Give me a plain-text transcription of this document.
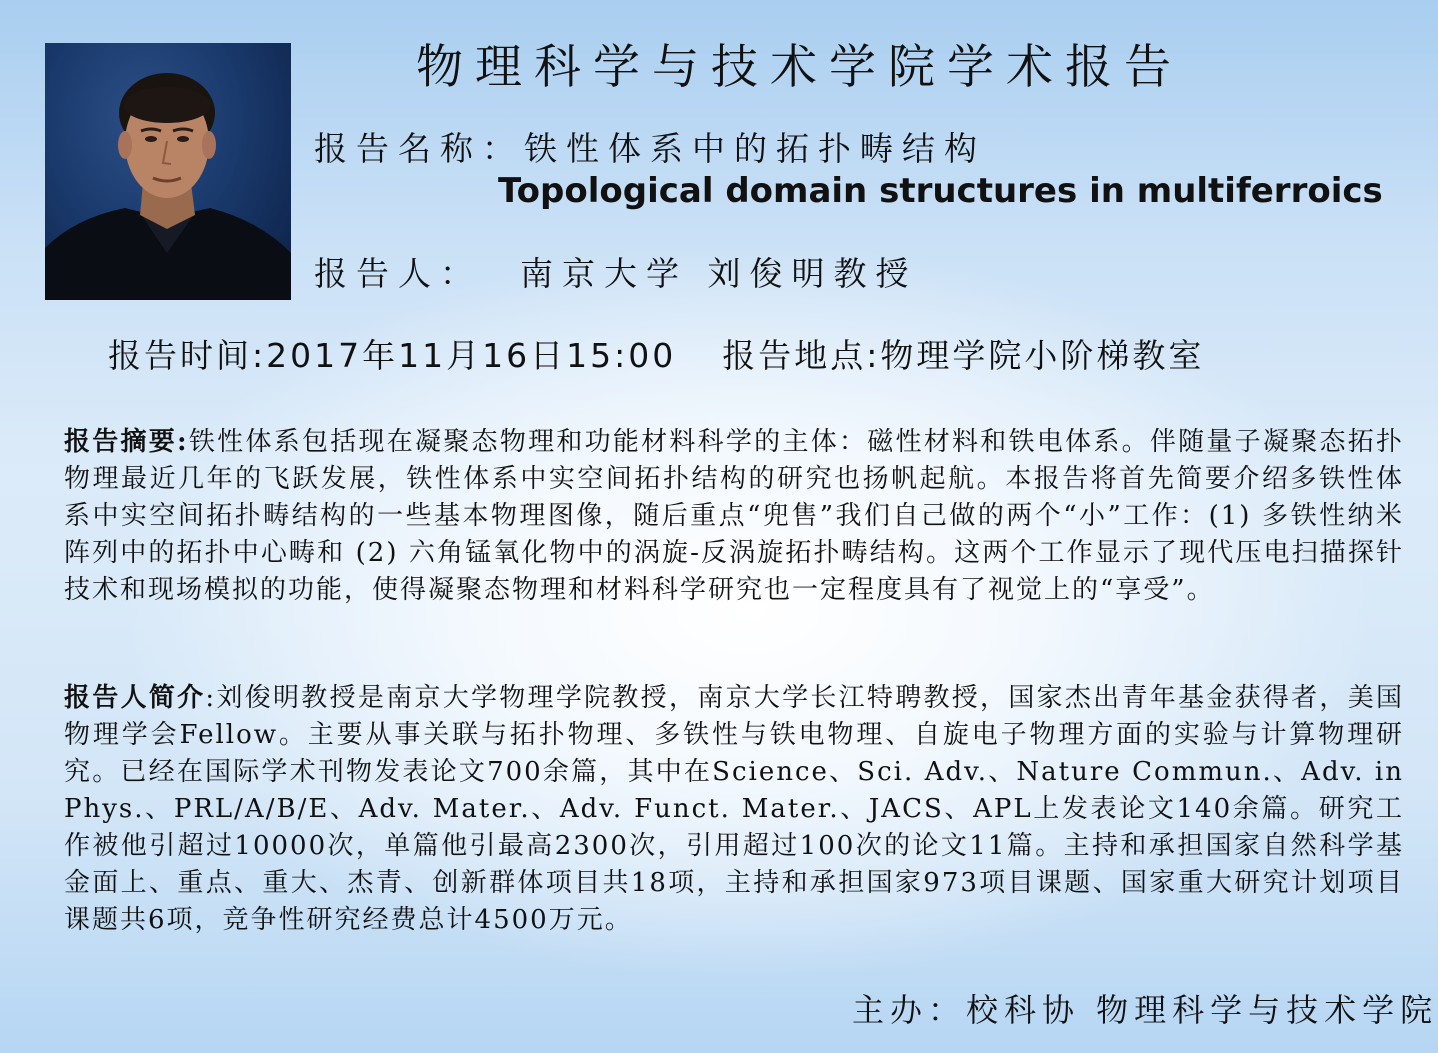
物理科学与技术学院学术报告
报告名称：铁性体系中的拓扑畴结构
Topological domain structures in multiferroics
报告人： 南京大学 刘俊明教授
报告时间:2017年11月16日15:00 报告地点:物理学院小阶梯教室
报告摘要:铁性体系包括现在凝聚态物理和功能材料科学的主体：磁性材料和铁电体系。伴随量子凝聚态拓扑物理最近几年的飞跃发展，铁性体系中实空间拓扑结构的研究也扬帆起航。本报告将首先简要介绍多铁性体系中实空间拓扑畴结构的一些基本物理图像，随后重点“兜售”我们自己做的两个“小”工作：(1) 多铁性纳米阵列中的拓扑中心畴和 (2) 六角锰氧化物中的涡旋-反涡旋拓扑畴结构。这两个工作显示了现代压电扫描探针技术和现场模拟的功能，使得凝聚态物理和材料科学研究也一定程度具有了视觉上的“享受”。
报告人简介:刘俊明教授是南京大学物理学院教授，南京大学长江特聘教授，国家杰出青年基金获得者，美国物理学会Fellow。主要从事关联与拓扑物理、多铁性与铁电物理、自旋电子物理方面的实验与计算物理研究。已经在国际学术刊物发表论文700余篇，其中在Science、Sci. Adv.、Nature Commun.、Adv. in Phys.、PRL/A/B/E、Adv. Mater.、Adv. Funct. Mater.、JACS、APL上发表论文140余篇。研究工作被他引超过10000次，单篇他引最高2300次，引用超过100次的论文11篇。主持和承担国家自然科学基金面上、重点、重大、杰青、创新群体项目共18项，主持和承担国家973项目课题、国家重大研究计划项目课题共6项，竞争性研究经费总计4500万元。
主办：校科协 物理科学与技术学院
